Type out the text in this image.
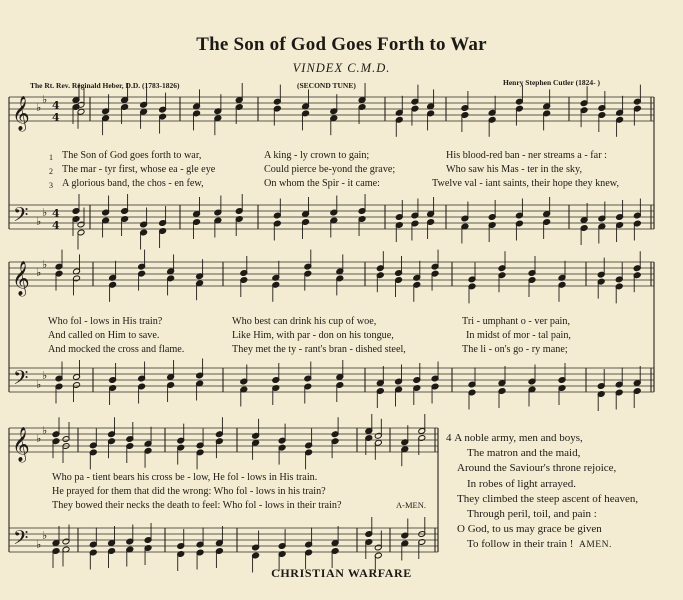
The Son of God Goes Forth to War
VINDEX C.M.D.
The Rt. Rev. Reginald Heber, D.D. (1783-1826)	(SECOND TUNE)	Henry Stephen Cutler (1824- )
𝄞
𝄢
♭
♭
♭
♭
4
4
4
4
𝄞
𝄢
♭
♭
♭
♭
𝄞
𝄢
♭
♭
♭
♭
1
2
3
The Son of God goes forth to war,	A king - ly crown to gain;	His blood-red ban - ner streams a - far :
The mar - tyr first, whose ea - gle eye	Could pierce be-yond the grave;	Who saw his Mas - ter in the sky,
A glorious band, the chos - en few,	On whom the Spir - it came:	Twelve val - iant saints, their hope they knew,
Who fol - lows in His train?	Who best can drink his cup of woe,	Tri - umphant o - ver pain,
And called on Him to save.	Like Him, with par - don on his tongue,	In midst of mor - tal pain,
And mocked the cross and flame.	They met the ty - rant's bran - dished steel,	The li - on's go - ry mane;
Who pa - tient bears his cross be - low, He fol - lows in His train.
He prayed for them that did the wrong: Who fol - lows in his train?
They bowed their necks the death to feel: Who fol - lows in their train?	A-MEN.
4 A noble army, men and boys,
The matron and the maid,
Around the Saviour's throne rejoice,
In robes of light arrayed.
They climbed the steep ascent of heaven,
Through peril, toil, and pain :
O God, to us may grace be given
To follow in their train ! AMEN.
CHRISTIAN WARFARE
